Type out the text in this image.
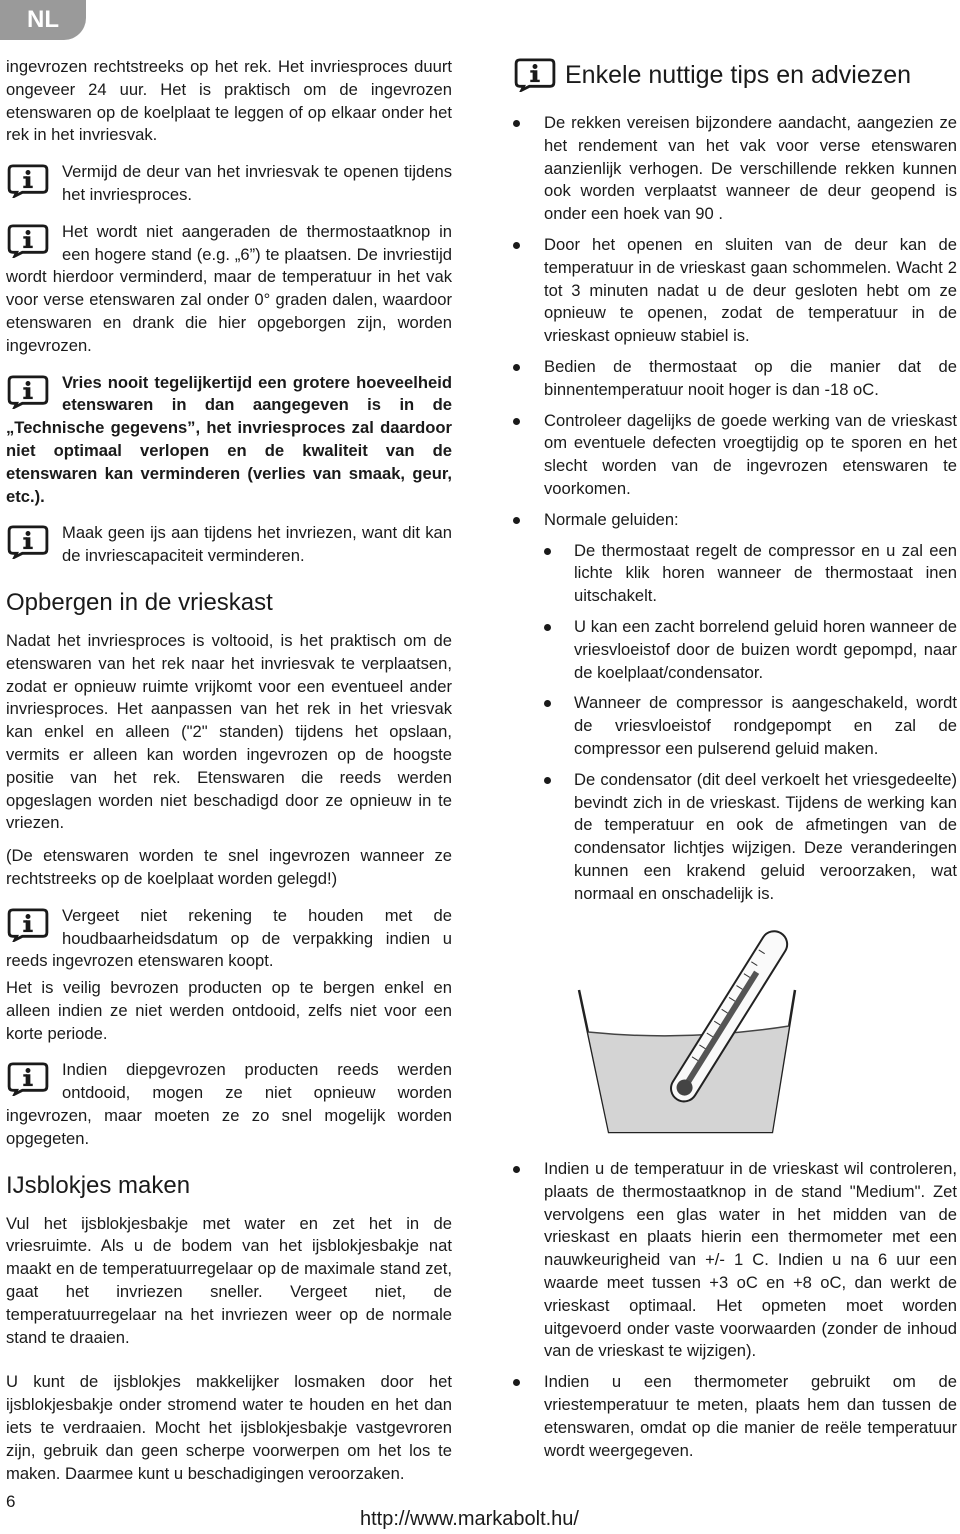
NL

ingevrozen rechtstreeks op het rek. Het invriesproces duurt ongeveer 24 uur. Het is praktisch om de ingevrozen etenswaren op de koelplaat te leggen of op elkaar onder het rek in het invriesvak.

Vermijd de deur van het invriesvak te openen tijdens het invriesproces.
Het wordt niet aangeraden de thermostaatknop in een hogere stand (e.g. „6”) te plaatsen. De invriestijd wordt hierdoor verminderd, maar de temperatuur in het vak voor verse etenswaren zal onder 0° graden dalen, waardoor etenswaren en drank die hier opgeborgen zijn, worden ingevrozen.
Vries nooit tegelijkertijd een grotere hoeveelheid etenswaren in dan aangegeven is in de „Technische gegevens”, het invriesproces zal daardoor niet optimaal verlopen en de kwaliteit van de etenswaren kan verminderen (verlies van smaak, geur, etc.).
Maak geen ijs aan tijdens het invriezen, want dit kan de invriescapaciteit verminderen.
Opbergen in de vrieskast

Nadat het invriesproces is voltooid, is het praktisch om de etenswaren van het rek naar het invriesvak te verplaatsen, zodat er opnieuw ruimte vrijkomt voor een eventueel ander invriesproces. Het aanpassen van het rek in het vriesvak kan enkel en alleen ("2" standen) tijdens het opslaan, vermits er alleen kan worden ingevrozen op de hoogste positie van het rek. Etenswaren die reeds werden opgeslagen worden niet beschadigd door ze opnieuw in te vriezen.

(De etenswaren worden te snel ingevrozen wanneer ze rechtstreeks op de koelplaat worden gelegd!)

Vergeet niet rekening te houden met de houdbaarheidsdatum op de verpakking indien u reeds ingevrozen etenswaren koopt.

Het is veilig bevrozen producten op te bergen enkel en alleen indien ze niet werden ontdooid, zelfs niet voor een korte periode.

Indien diepgevrozen producten reeds werden ontdooid, mogen ze niet opnieuw worden ingevrozen, maar moeten ze zo snel mogelijk worden opgegeten.
IJsblokjes maken

Vul het ijsblokjesbakje met water en zet het in de vriesruimte. Als u de bodem van het ijsblokjesbakje nat maakt en de temperatuurregelaar op de maximale stand zet, gaat het invriezen sneller. Vergeet niet, de temperatuurregelaar na het invriezen weer op de normale stand te draaien.

U kunt de ijsblokjes makkelijker losmaken door het ijsblokjesbakje onder stromend water te houden en het dan iets te verdraaien. Mocht het ijsblokjesbakje vastgevroren zijn, gebruik dan geen scherpe voorwerpen om het los te maken. Daarmee kunt u beschadigingen veroorzaken.

Enkele nuttige tips en adviezen
De rekken vereisen bijzondere aandacht, aangezien ze het rendement van het vak voor verse etenswaren aanzienlijk verhogen. De verschillende rekken kunnen ook worden verplaatst wanneer de deur geopend is onder een hoek van 90 .
Door het openen en sluiten van de deur kan de temperatuur in de vrieskast gaan schommelen. Wacht 2 tot 3 minuten nadat u de deur gesloten hebt om ze opnieuw te openen, zodat de temperatuur in de vrieskast opnieuw stabiel is.
Bedien de thermostaat op die manier dat de binnentemperatuur nooit hoger is dan -18 oC.
Controleer dagelijks de goede werking van de vrieskast om eventuele defecten vroegtijdig op te sporen en het slecht worden van de ingevrozen etenswaren te voorkomen.
Normale geluiden:
De thermostaat regelt de compressor en u zal een lichte klik horen wanneer de thermostaat inen uitschakelt.
U kan een zacht borrelend geluid horen wanneer de vriesvloeistof door de buizen wordt gepompd, naar de koelplaat/condensator.
Wanneer de compressor is aangeschakeld, wordt de vriesvloeistof rondgepompt en zal de compressor een pulserend geluid maken.
De condensator (dit deel verkoelt het vriesgedeelte) bevindt zich in de vrieskast. Tijdens de werking kan de temperatuur en ook de afmetingen van de condensator lichtjes wijzigen. Deze veranderingen kunnen een krakend geluid veroorzaken, wat normaal en onschadelijk is.
Indien u de temperatuur in de vrieskast wil controleren, plaats de thermostaatknop in de stand "Medium". Zet vervolgens een glas water in het midden van de vrieskast en plaats hierin een thermometer met een nauwkeurigheid van +/- 1 C. Indien u na 6 uur een waarde meet tussen +3 oC en +8 oC, dan werkt de vrieskast optimaal. Het opmeten moet worden uitgevoerd onder vaste voorwaarden (zonder de inhoud van de vrieskast te wijzigen).
Indien u een thermometer gebruikt om de vriestemperatuur te meten, plaats hem dan tussen de etenswaren, omdat op die manier de reële temperatuur wordt weergegeven.
6
http://www.markabolt.hu/
